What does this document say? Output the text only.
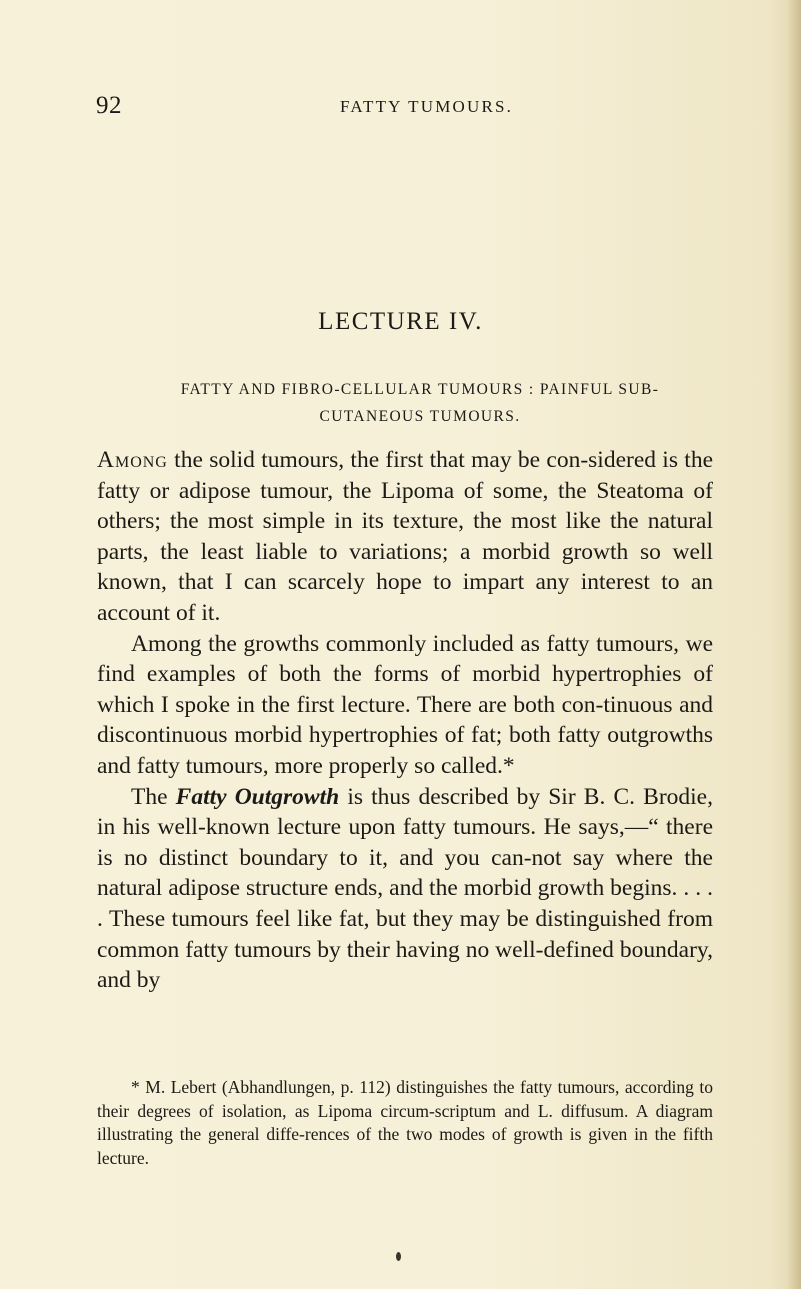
92	FATTY TUMOURS.
LECTURE IV.
FATTY AND FIBRO-CELLULAR TUMOURS : PAINFUL SUB-CUTANEOUS TUMOURS.

Among the solid tumours, the first that may be con-sidered is the fatty or adipose tumour, the Lipoma of some, the Steatoma of others; the most simple in its texture, the most like the natural parts, the least liable to variations; a morbid growth so well known, that I can scarcely hope to impart any interest to an account of it.

Among the growths commonly included as fatty tumours, we find examples of both the forms of morbid hypertrophies of which I spoke in the first lecture. There are both con-tinuous and discontinuous morbid hypertrophies of fat; both fatty outgrowths and fatty tumours, more properly so called.*

The Fatty Outgrowth is thus described by Sir B. C. Brodie, in his well-known lecture upon fatty tumours. He says,—“ there is no distinct boundary to it, and you can-not say where the natural adipose structure ends, and the morbid growth begins. . . . . These tumours feel like fat, but they may be distinguished from common fatty tumours by their having no well-defined boundary, and by

* M. Lebert (Abhandlungen, p. 112) distinguishes the fatty tumours, according to their degrees of isolation, as Lipoma circum-scriptum and L. diffusum. A diagram illustrating the general diffe-rences of the two modes of growth is given in the fifth lecture.
